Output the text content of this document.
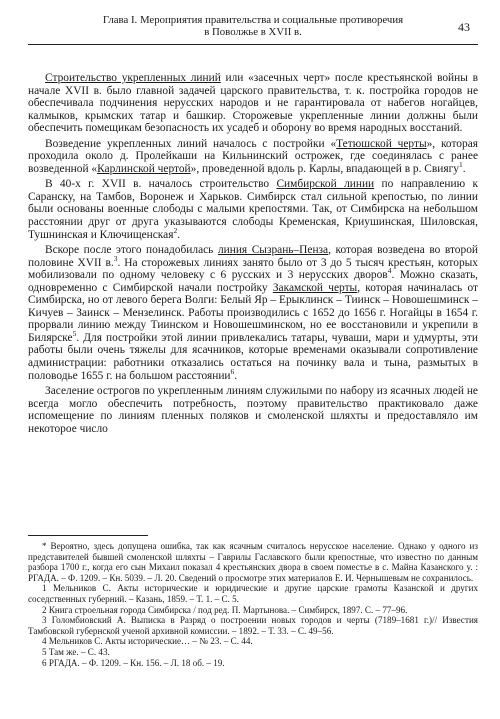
Глава I. Мероприятия правительства и социальные противоречия
в Поволжье в XVII в.	43

Строительство укрепленных линий или «засечных черт» после крестьянской войны в начале XVII в. было главной задачей царского правительства, т. к. постройка городов не обеспечивала подчинения нерусских народов и не гарантировала от набегов ногайцев, калмыков, крымских татар и башкир. Сторожевые укрепленные линии должны были обеспечить помещикам безопасность их усадеб и оборону во время народных восстаний.

Возведение укрепленных линий началось с постройки «Тетюшской черты», которая проходила около д. Пролейкаши на Кильнинский острожек, где соединялась с ранее возведенной «Карлинской чертой», проведенной вдоль р. Карлы, впадающей в р. Свиягу$^1$.

В 40-х г. XVII в. началось строительство Симбирской линии по направлению к Саранску, на Тамбов, Воронеж и Харьков. Симбирск стал сильной крепостью, по линии были основаны военные слободы с малыми крепостями. Так, от Симбирска на небольшом расстоянии друг от друга указываются слободы Кременская, Криушинская, Шиловская, Тушнинская и Ключищенская$^2$.

Вскоре после этого понадобилась линия Сызрань–Пенза, которая возведена во второй половине XVII в.$^3$. На сторожевых линиях занято было от 3 до 5 тысяч крестьян, которых мобилизовали по одному человеку с 6 русских и 3 нерусских дворов$^4$. Можно сказать, одновременно с Симбирской начали постройку Закамской черты, которая начиналась от Симбирска, но от левого берега Волги: Белый Яр – Ерыклинск – Тиинск – Новошешминск – Кичуев – Заинск – Мензелинск. Работы производились с 1652 до 1656 г. Ногайцы в 1654 г. прорвали линию между Тиинском и Новошешминском, но ее восстановили и укрепили в Билярске$^5$. Для постройки этой линии привлекались татары, чуваши, мари и удмурты, эти работы были очень тяжелы для ясачников, которые временами оказывали сопротивление администрации: работники отказались остаться на починку вала и тына, размытых в половодье 1655 г. на большом расстоянии$^6$.

Заселение острогов по укрепленным линиям служилыми по набору из ясачных людей не всегда могло обеспечить потребность, поэтому правительство практиковало даже испомещение по линиям пленных поляков и смоленской шляхты и предоставляло им некоторое число

* Вероятно, здесь допущена ошибка, так как ясачным считалось нерусское население. Однако у одного из представителей бывшей смоленской шляхты – Гаврилы Гаславского были крепостные, что известно по данным разбора 1700 г., когда его сын Михаил показал 4 крестьянских двора в своем поместье в с. Майна Казанского у. : РГАДА. – Ф. 1209. – Кн. 5039. – Л. 20. Сведений о просмотре этих материалов Е. И. Чернышевым не сохранилось.

1 Мельников С. Акты исторические и юридические и другие царские грамоты Казанской и других соседственных губерний. – Казань, 1859. – Т. 1. – С. 5.

2 Книга строельная города Симбирска / под ред. П. Мартынова. – Симбирск, 1897. С. – 77–96.

3 Голомбиовский А. Выписка в Разряд о построении новых городов и черты (7189–1681 г.)// Известия Тамбовской губернской ученой архивной комиссии. – 1892. – Т. 33. – С. 49–56.

4 Мельников С. Акты исторические… – № 23. – С. 44.

5 Там же. – С. 43.

6 РГАДА. – Ф. 1209. – Кн. 156. – Л. 18 об. – 19.
